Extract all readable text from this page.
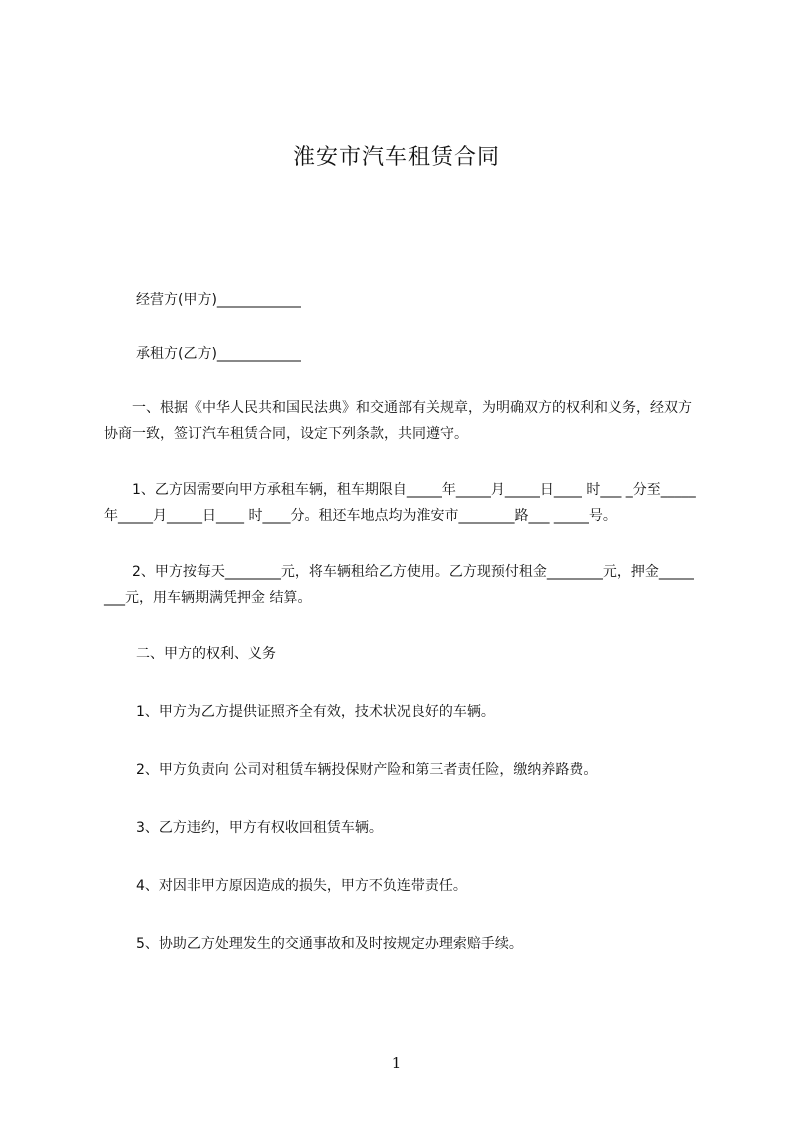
淮安市汽车租赁合同

经营方(甲方)____________

承租方(乙方)____________

一、根据《中华人民共和国民法典》和交通部有关规章，为明确双方的权利和义务，经双方协商一致，签订汽车租赁合同，设定下列条款，共同遵守。

1、乙方因需要向甲方承租车辆，租车期限自_____年_____月_____日____ 时___ _分至_____年_____月_____日____ 时____分。租还车地点均为淮安市________路___ _____号。

2、甲方按每天________元，将车辆租给乙方使用。乙方现预付租金________元，押金________元，用车辆期满凭押金 结算。

二、甲方的权利、义务

1、甲方为乙方提供证照齐全有效，技术状况良好的车辆。

2、甲方负责向 公司对租赁车辆投保财产险和第三者责任险，缴纳养路费。

3、乙方违约，甲方有权收回租赁车辆。

4、对因非甲方原因造成的损失，甲方不负连带责任。

5、协助乙方处理发生的交通事故和及时按规定办理索赔手续。

1
